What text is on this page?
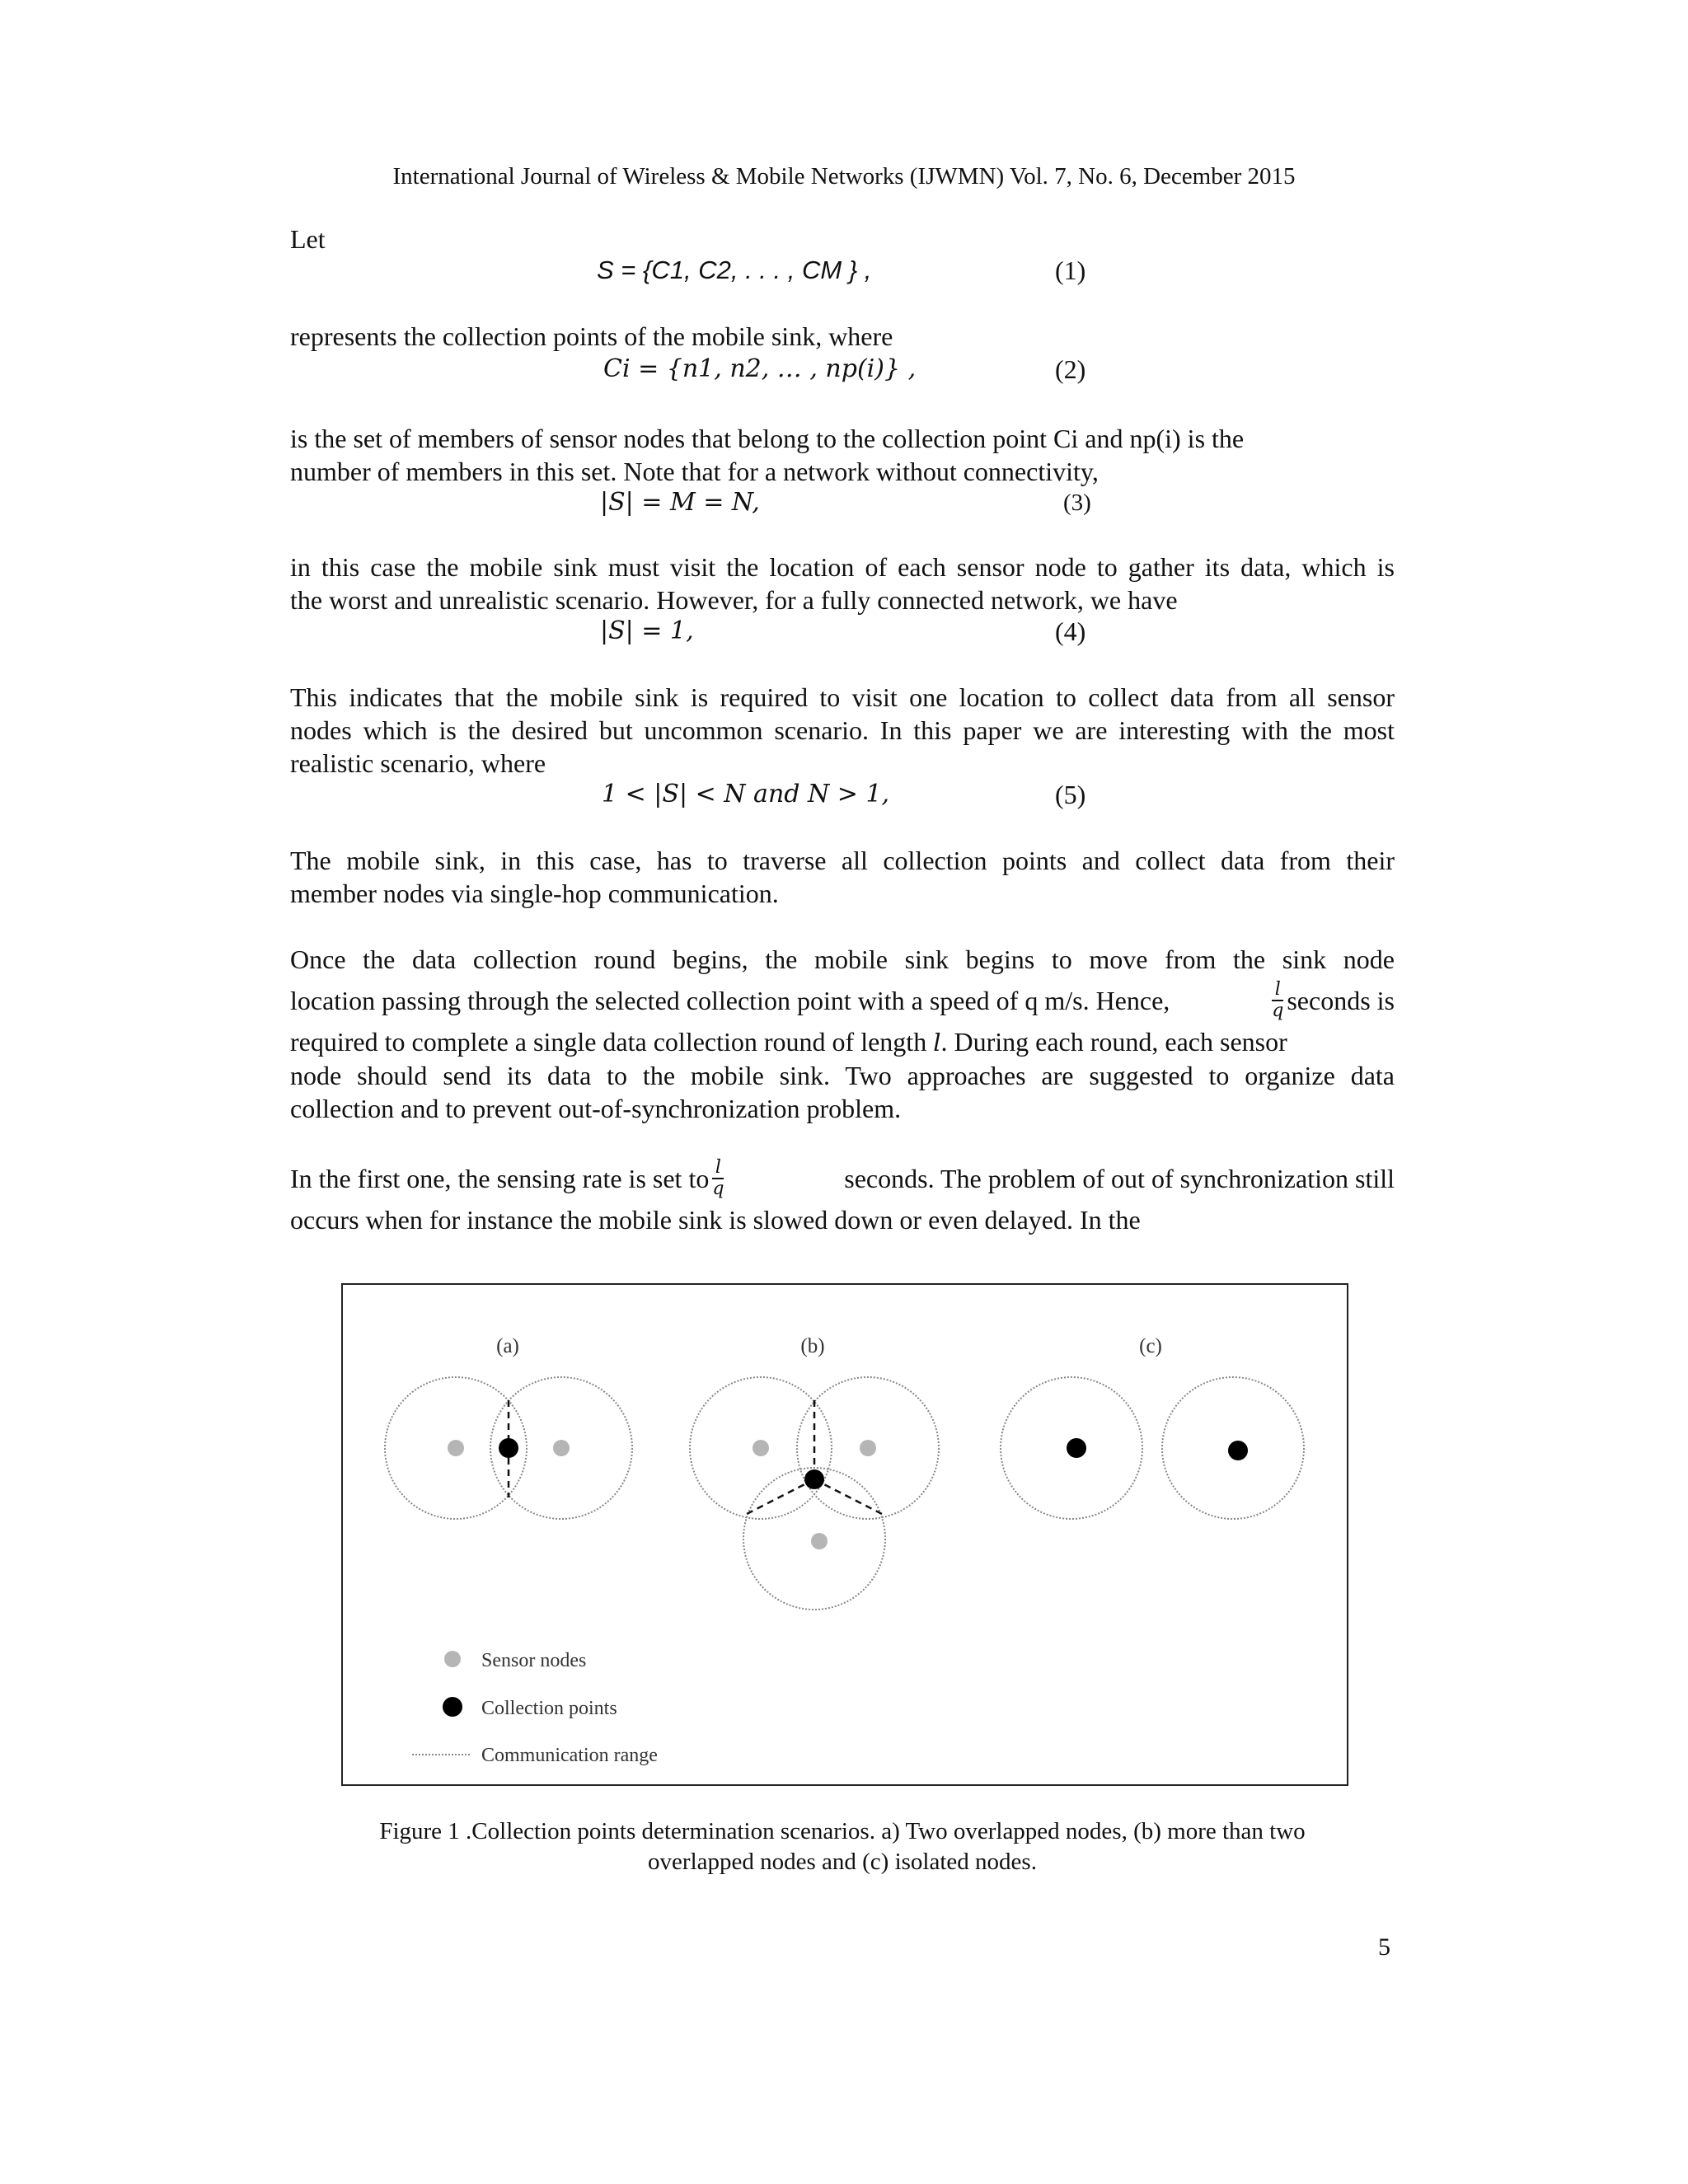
International Journal of Wireless & Mobile Networks (IJWMN) Vol. 7, No. 6, December 2015
Let
S = {C1, C2, . . . , CM } ,	(1)
represents the collection points of the mobile sink, where
Ci = {n1, n2, … , np(i)} ,	(2)
is the set of members of sensor nodes that belong to the collection point Ci and np(i) is the
number of members in this set. Note that for a network without connectivity,
|S| = M = N,	(3)
in this case the mobile sink must visit the location of each sensor node to gather its data, which is
the worst and unrealistic scenario. However, for a fully connected network, we have
|S| = 1,	(4)
This indicates that the mobile sink is required to visit one location to collect data from all sensor
nodes which is the desired but uncommon scenario. In this paper we are interesting with the most
realistic scenario, where
1 < |S| < N and N > 1,	(5)
The mobile sink, in this case, has to traverse all collection points and collect data from their
member nodes via single-hop communication.
Once the data collection round begins, the mobile sink begins to move from the sink node
location passing through the selected collection point with a speed of q m/s. Hence,	$\frac{l}{q}$ seconds is
required to complete a single data collection round of length l. During each round, each sensor
node should send its data to the mobile sink. Two approaches are suggested to organize data
collection and to prevent out-of-synchronization problem.
In the first one, the sensing rate is set to $\frac{l}{q}$	seconds. The problem of out of synchronization still
occurs when for instance the mobile sink is slowed down or even delayed. In the
(a)	(b)	(c)
Sensor nodes
Collection points
Communication range
Figure 1 .Collection points determination scenarios. a) Two overlapped nodes, (b) more than two
overlapped nodes and (c) isolated nodes.
5
